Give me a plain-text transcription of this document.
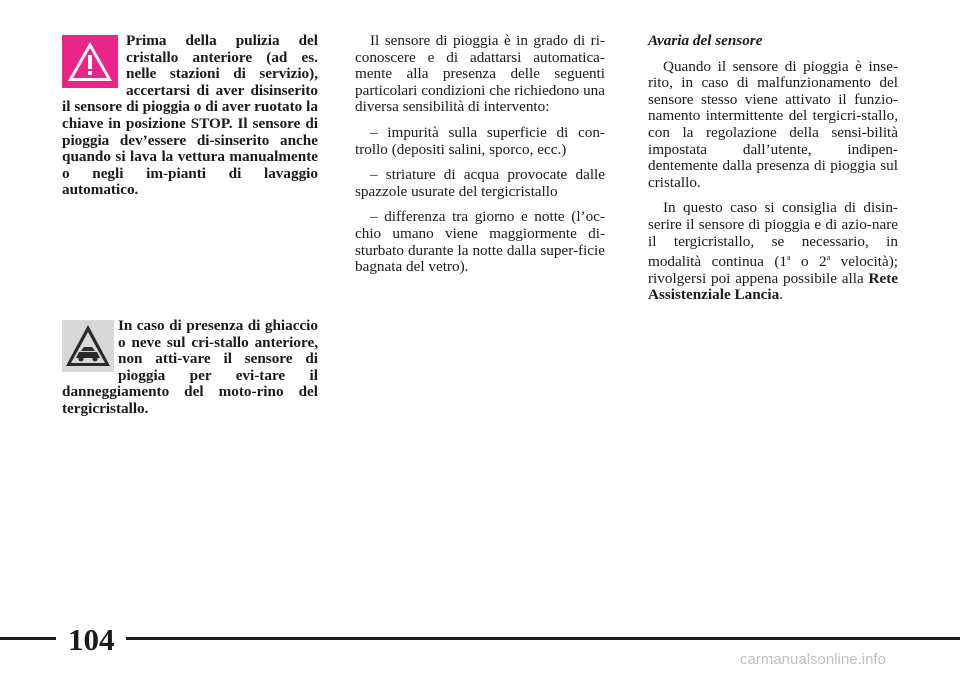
Prima della pulizia del cristallo anteriore (ad es. nelle stazioni di servizio), accertarsi di aver disinserito il sensore di pioggia o di aver ruotato la chiave in posizione STOP. Il sensore di pioggia dev’essere di-sinserito anche quando si lava la vettura manualmente o negli im-pianti di lavaggio automatico.

In caso di presenza di ghiaccio o neve sul cri-stallo anteriore, non atti-vare il sensore di pioggia per evi-tare il danneggiamento del moto-rino del tergicristallo.

Il sensore di pioggia è in grado di ri-conoscere e di adattarsi automatica-mente alla presenza delle seguenti particolari condizioni che richiedono una diversa sensibilità di intervento:

– impurità sulla superficie di con-trollo (depositi salini, sporco, ecc.)

– striature di acqua provocate dalle spazzole usurate del tergicristallo

– differenza tra giorno e notte (l’oc-chio umano viene maggiormente di-sturbato durante la notte dalla super-ficie bagnata del vetro).

Avaria del sensore

Quando il sensore di pioggia è inse-rito, in caso di malfunzionamento del sensore stesso viene attivato il funzio-namento intermittente del tergicri-stallo, con la regolazione della sensi-bilità impostata dall’utente, indipen-dentemente dalla presenza di pioggia sul cristallo.

In questo caso si consiglia di disin-serire il sensore di pioggia e di azio-nare il tergicristallo, se necessario, in modalità continua (1$^a$ o 2$^a$ velocità); rivolgersi poi appena possibile alla Rete Assistenziale Lancia.

104
carmanualsonline.info
